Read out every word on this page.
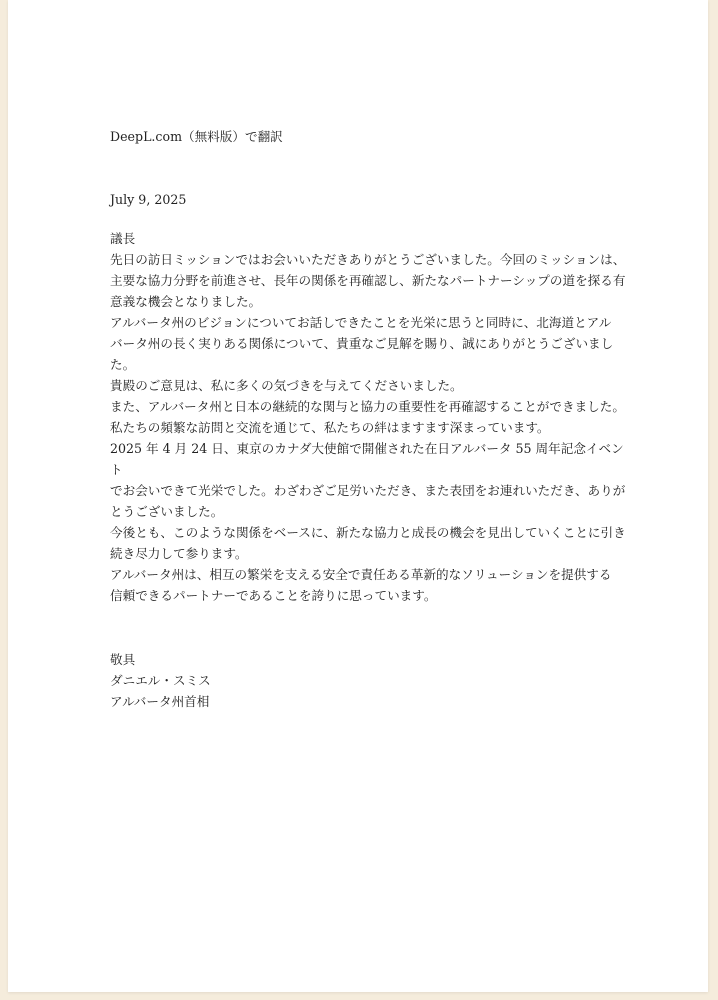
DeepL.com（無料版）で翻訳
July 9, 2025
議長
先日の訪日ミッションではお会いいただきありがとうございました。今回のミッションは、
主要な協力分野を前進させ、長年の関係を再確認し、新たなパートナーシップの道を探る有
意義な機会となりました。
アルバータ州のビジョンについてお話しできたことを光栄に思うと同時に、北海道とアル
バータ州の長く実りある関係について、貴重なご見解を賜り、誠にありがとうございました。
貴殿のご意見は、私に多くの気づきを与えてくださいました。
また、アルバータ州と日本の継続的な関与と協力の重要性を再確認することができました。
私たちの頻繁な訪問と交流を通じて、私たちの絆はますます深まっています。
2025 年 4 月 24 日、東京のカナダ大使館で開催された在日アルバータ 55 周年記念イベント
でお会いできて光栄でした。わざわざご足労いただき、また表団をお連れいただき、ありが
とうございました。
今後とも、このような関係をベースに、新たな協力と成長の機会を見出していくことに引き
続き尽力して参ります。
アルバータ州は、相互の繁栄を支える安全で責任ある革新的なソリューションを提供する
信頼できるパートナーであることを誇りに思っています。
敬具
ダニエル・スミス
アルバータ州首相
